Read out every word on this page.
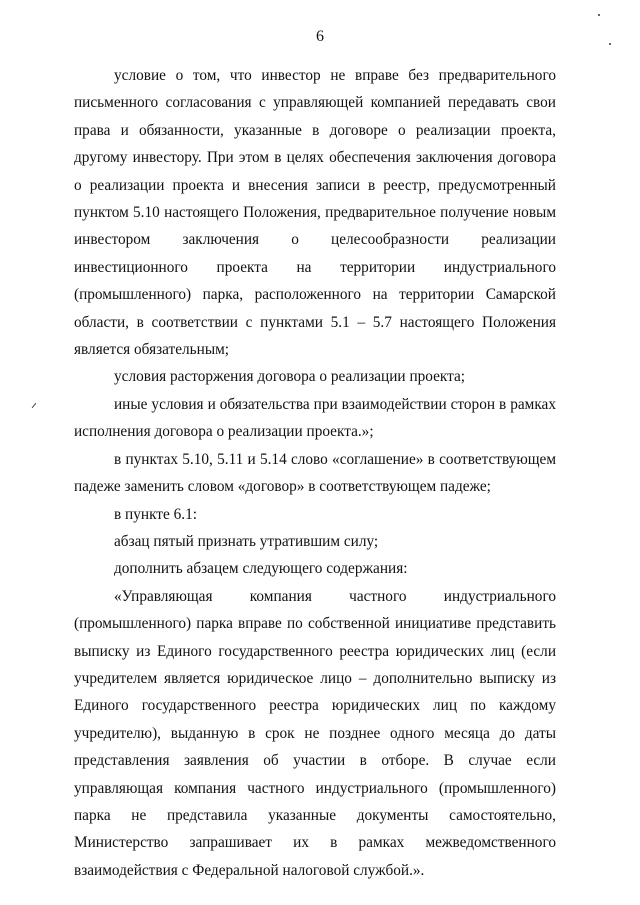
6

условие о том, что инвестор не вправе без предварительного письменного согласования с управляющей компанией передавать свои права и обязанности, указанные в договоре о реализации проекта, другому инвестору. При этом в целях обеспечения заключения договора о реализации проекта и внесения записи в реестр, предусмотренный пунктом 5.10 настоящего Положения, предварительное получение новым инвестором заключения о целесообразности реализации инвестиционного проекта на территории индустриального (промышленного) парка, расположенного на территории Самарской области, в соответствии с пунктами 5.1 – 5.7 настоящего Положения является обязательным;

условия расторжения договора о реализации проекта;

иные условия и обязательства при взаимодействии сторон в рамках исполнения договора о реализации проекта.»;

в пунктах 5.10, 5.11 и 5.14 слово «соглашение» в соответствующем падеже заменить словом «договор» в соответствующем падеже;

в пункте 6.1:

абзац пятый признать утратившим силу;

дополнить абзацем следующего содержания:

«Управляющая компания частного индустриального (промышленного) парка вправе по собственной инициативе представить выписку из Единого государственного реестра юридических лиц (если учредителем является юридическое лицо – дополнительно выписку из Единого государственного реестра юридических лиц по каждому учредителю), выданную в срок не позднее одного месяца до даты представления заявления об участии в отборе. В случае если управляющая компания частного индустриального (промышленного) парка не представила указанные документы самостоятельно, Министерство запрашивает их в рамках межведомственного взаимодействия с Федеральной налоговой службой.».
